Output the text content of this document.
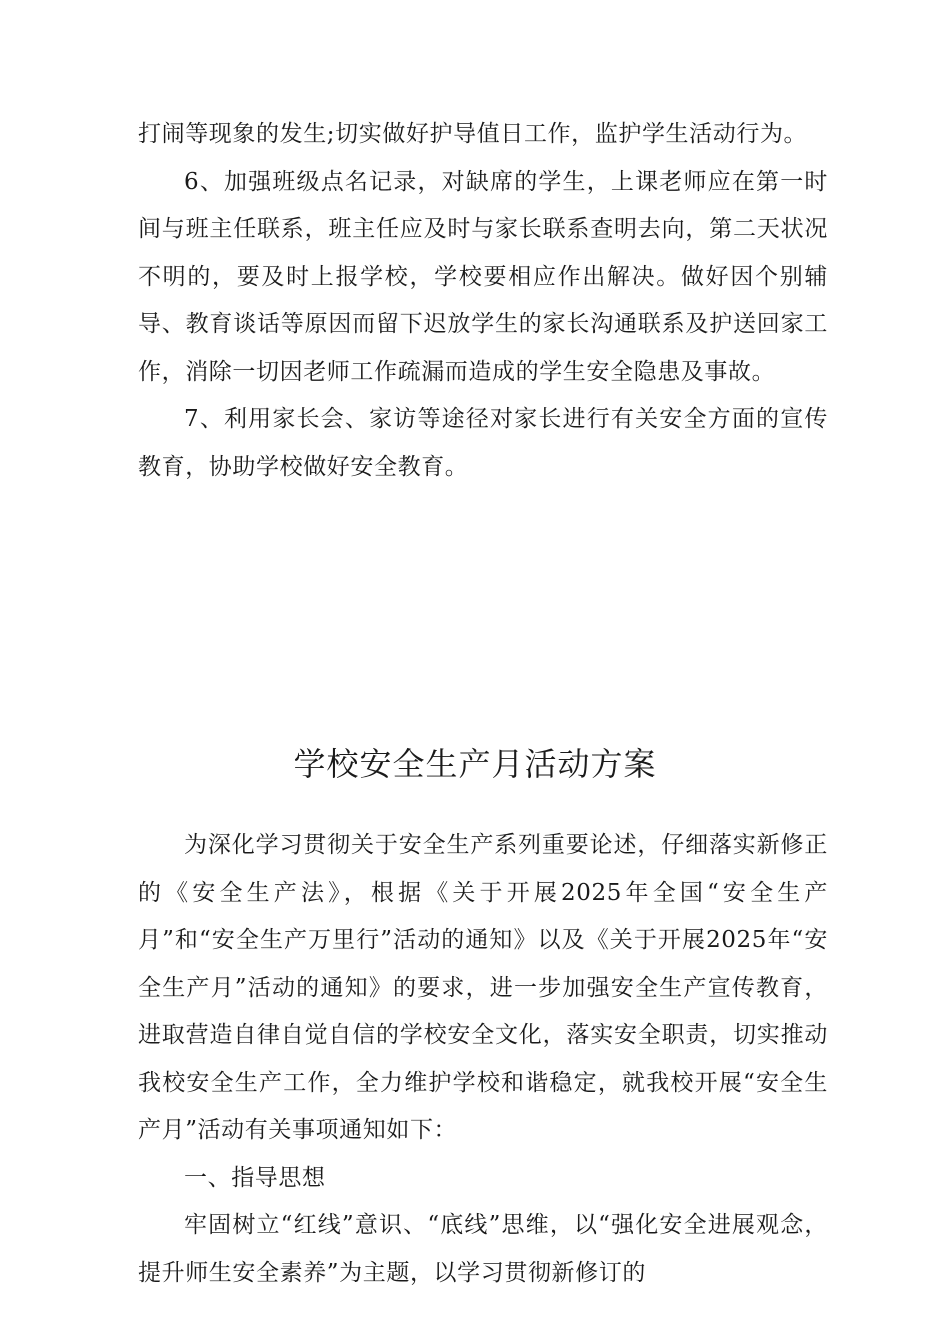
打闹等现象的发生;切实做好护导值日工作，监护学生活动行为。

6、加强班级点名记录，对缺席的学生，上课老师应在第一时间与班主任联系，班主任应及时与家长联系查明去向，第二天状况不明的，要及时上报学校，学校要相应作出解决。做好因个别辅导、教育谈话等原因而留下迟放学生的家长沟通联系及护送回家工作，消除一切因老师工作疏漏而造成的学生安全隐患及事故。

7、利用家长会、家访等途径对家长进行有关安全方面的宣传教育，协助学校做好安全教育。

学校安全生产月活动方案

为深化学习贯彻关于安全生产系列重要论述，仔细落实新修正的《安全生产法》，根据《关于开展2025年全国“安全生产月”和“安全生产万里行”活动的通知》以及《关于开展2025年“安全生产月”活动的通知》的要求，进一步加强安全生产宣传教育，进取营造自律自觉自信的学校安全文化，落实安全职责，切实推动我校安全生产工作，全力维护学校和谐稳定，就我校开展“安全生产月”活动有关事项通知如下：

一、指导思想

牢固树立“红线”意识、“底线”思维，以“强化安全进展观念，提升师生安全素养”为主题，以学习贯彻新修订的
